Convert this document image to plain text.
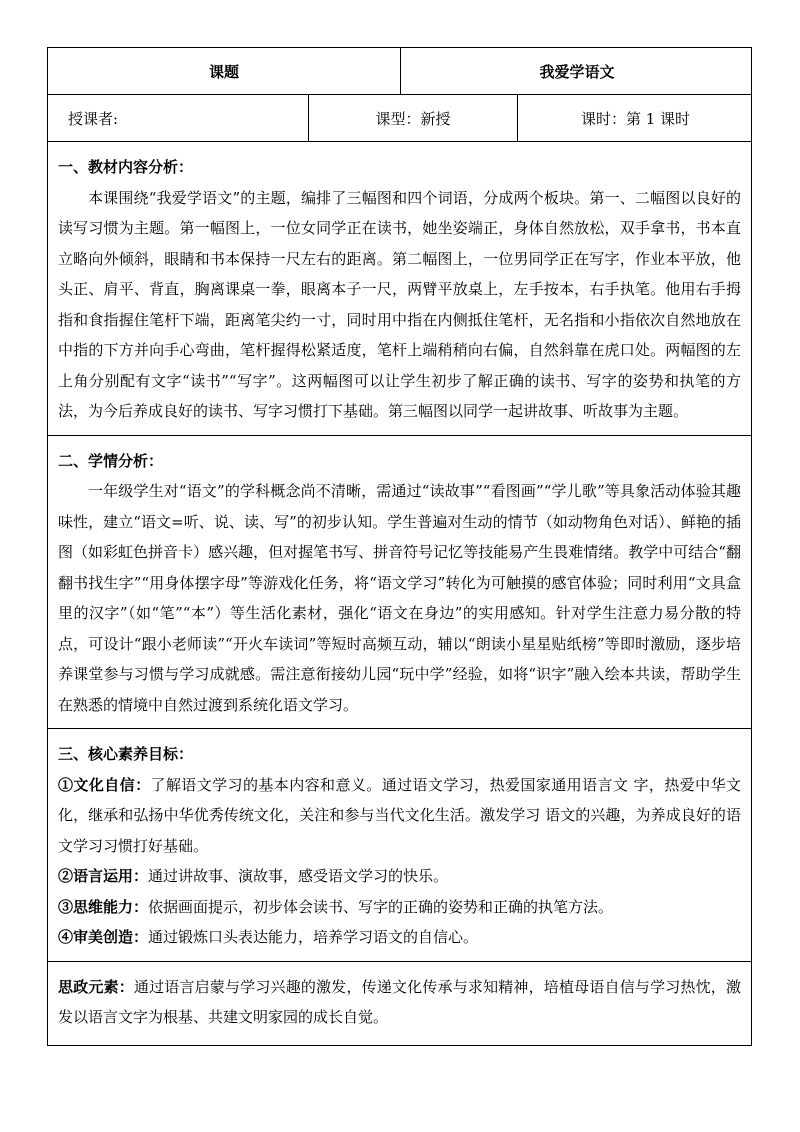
课题	我爱学语文
授课者:	课型：新授	课时：第 1 课时
一、教材内容分析：

本课围绕“我爱学语文”的主题，编排了三幅图和四个词语，分成两个板块。第一、二幅图以良好的读写习惯为主题。第一幅图上，一位女同学正在读书，她坐姿端正，身体自然放松，双手拿书，书本直立略向外倾斜，眼睛和书本保持一尺左右的距离。第二幅图上，一位男同学正在写字，作业本平放，他头正、肩平、背直，胸离课桌一拳，眼离本子一尺，两臂平放桌上，左手按本，右手执笔。他用右手拇指和食指握住笔杆下端，距离笔尖约一寸，同时用中指在内侧抵住笔杆，无名指和小指依次自然地放在中指的下方并向手心弯曲，笔杆握得松紧适度，笔杆上端稍稍向右偏，自然斜靠在虎口处。两幅图的左上角分别配有文字“读书”“写字”。这两幅图可以让学生初步了解正确的读书、写字的姿势和执笔的方法，为今后养成良好的读书、写字习惯打下基础。第三幅图以同学一起讲故事、听故事为主题。

二、学情分析：

一年级学生对“语文”的学科概念尚不清晰，需通过“读故事”“看图画”“学儿歌”等具象活动体验其趣味性，建立“语文=听、说、读、写”的初步认知。学生普遍对生动的情节（如动物角色对话）、鲜艳的插图（如彩虹色拼音卡）感兴趣，但对握笔书写、拼音符号记忆等技能易产生畏难情绪。教学中可结合“翻翻书找生字”“用身体摆字母”等游戏化任务，将“语文学习”转化为可触摸的感官体验；同时利用“文具盒里的汉字”（如“笔”“本”）等生活化素材，强化“语文在身边”的实用感知。针对学生注意力易分散的特点，可设计“跟小老师读”“开火车读词”等短时高频互动，辅以“朗读小星星贴纸榜”等即时激励，逐步培养课堂参与习惯与学习成就感。需注意衔接幼儿园“玩中学”经验，如将“识字”融入绘本共读，帮助学生在熟悉的情境中自然过渡到系统化语文学习。

三、核心素养目标：

①文化自信：了解语文学习的基本内容和意义。通过语文学习，热爱国家通用语言文 字，热爱中华文化，继承和弘扬中华优秀传统文化，关注和参与当代文化生活。激发学习 语文的兴趣，为养成良好的语文学习习惯打好基础。

②语言运用：通过讲故事、演故事，感受语文学习的快乐。

③思维能力：依据画面提示，初步体会读书、写字的正确的姿势和正确的执笔方法。

④审美创造：通过锻炼口头表达能力，培养学习语文的自信心。

思政元素：通过语言启蒙与学习兴趣的激发，传递文化传承与求知精神，培植母语自信与学习热忱，激发以语言文字为根基、共建文明家园的成长自觉。
